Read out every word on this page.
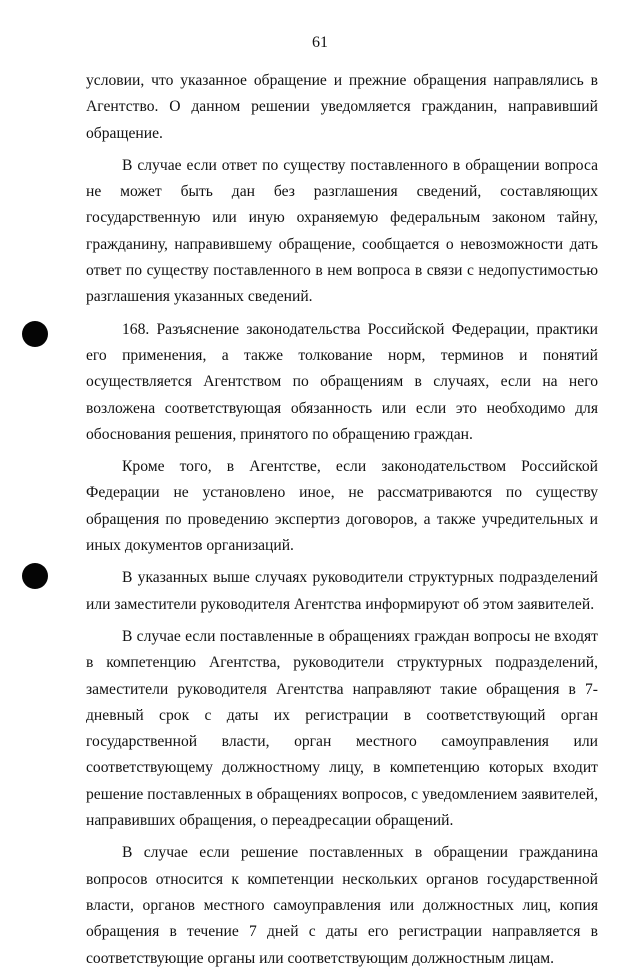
61

условии, что указанное обращение и прежние обращения направлялись в Агентство. О данном решении уведомляется гражданин, направивший обращение.

В случае если ответ по существу поставленного в обращении вопроса не может быть дан без разглашения сведений, составляющих государственную или иную охраняемую федеральным законом тайну, гражданину, направившему обращение, сообщается о невозможности дать ответ по существу поставленного в нем вопроса в связи с недопустимостью разглашения указанных сведений.

168. Разъяснение законодательства Российской Федерации, практики его применения, а также толкование норм, терминов и понятий осуществляется Агентством по обращениям в случаях, если на него возложена соответствующая обязанность или если это необходимо для обоснования решения, принятого по обращению граждан.

Кроме того, в Агентстве, если законодательством Российской Федерации не установлено иное, не рассматриваются по существу обращения по проведению экспертиз договоров, а также учредительных и иных документов организаций.

В указанных выше случаях руководители структурных подразделений или заместители руководителя Агентства информируют об этом заявителей.

В случае если поставленные в обращениях граждан вопросы не входят в компетенцию Агентства, руководители структурных подразделений, заместители руководителя Агентства направляют такие обращения в 7-дневный срок с даты их регистрации в соответствующий орган государственной власти, орган местного самоуправления или соответствующему должностному лицу, в компетенцию которых входит решение поставленных в обращениях вопросов, с уведомлением заявителей, направивших обращения, о переадресации обращений.

В случае если решение поставленных в обращении гражданина вопросов относится к компетенции нескольких органов государственной власти, органов местного самоуправления или должностных лиц, копия обращения в течение 7 дней с даты его регистрации направляется в соответствующие органы или соответствующим должностным лицам.
